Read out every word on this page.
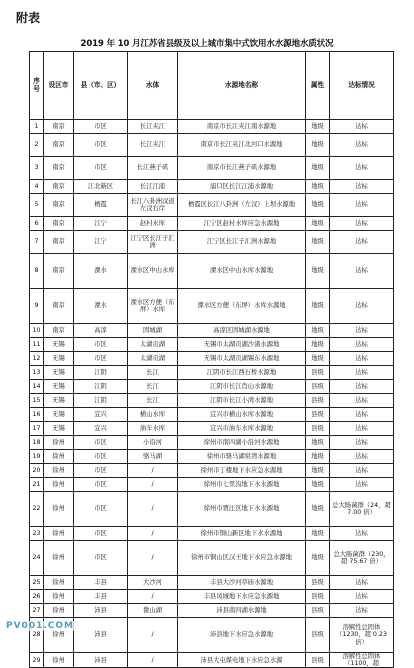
附表
2019 年 10 月江苏省县级及以上城市集中式饮用水水源地水质状况
序号	设区市	县（市、区）	水体	水源地名称	属性	达标情况
1	南京	市区	长江夹江	南京市长江夹江南水源地	地级	达标
2	南京	市区	长江夹江	南京市长江夹江北河口水源地	地级	达标
3	南京	市区	长江燕子矶	南京市长江燕子矶水源地	地级	达标
4	南京	江北新区	长江江浦	浦口区长江江浦水源地	地级	达标
5	南京	栖霞	长江八卦洲汊道左汊右岸	栖霞区长江八卦洲（左汊）上坝水源地	地级	达标
6	南京	江宁	赵村水库	江宁区赵村水库应急水源地	地级	达标
7	南京	江宁	江宁区长江子汇洲	江宁区长江子汇洲水源地	地级	达标
8	南京	溧水	溧水区中山水库	溧水区中山水库水源地	地级	达标
9	南京	溧水	溧水区方便（东屏）水库	溧水区方便（东屏）水库水源地	地级	达标
10	南京	高淳	固城湖	高淳区固城湖水源地	地级	达标
11	无锡	市区	太湖贡湖	无锡市太湖贡湖沙渚水源地	地级	达标
12	无锡	市区	太湖贡湖	无锡市太湖贡湖锡东水源地	地级	达标
13	无锡	江阴	长江	江阴市长江西石桥水源地	县级	达标
14	无锡	江阴	长江	江阴市长江肖山水源地	县级	达标
15	无锡	江阴	长江	江阴市长江小湾水源地	县级	达标
16	无锡	宜兴	横山水库	宜兴市横山水库水源地	县级	达标
17	无锡	宜兴	油车水库	宜兴市油车水库水源地	县级	达标
18	徐州	市区	小沿河	徐州市南四湖小沿河水源地	地级	达标
19	徐州	市区	骆马湖	徐州市骆马湖窑湾水源地	地级	达标
20	徐州	市区	/	徐州市丁楼地下水应急水源地	地级	达标
21	徐州	市区	/	徐州市七里沟地下水水源地	地级	达标
22	徐州	市区	/	徐州市贾汪区地下水水源地	地级	总大肠菌群（24，超 7.00 倍）
23	徐州	市区	/	徐州市铜山新区地下水水源地	地级	达标
24	徐州	市区	/	徐州市铜山区汉王地下水应急水源地	地级	总大肠菌群（230，超 75.67 倍）
25	徐州	丰县	大沙河	丰县大沙河草庙水源地	县级	达标
26	徐州	丰县	/	丰县凤城地下水应急水源地	县级	达标
27	徐州	沛县	微山湖	沛县南四湖水源地	县级	达标
28	徐州	沛县	/	沛县地下水应急水源地	县级	溶解性总固体（1230，超 0.23 倍）
29	徐州	沛县	/	沛县大屯煤电地下水应急水源	县级	溶解性总固体（1100，超
PV001.COM
